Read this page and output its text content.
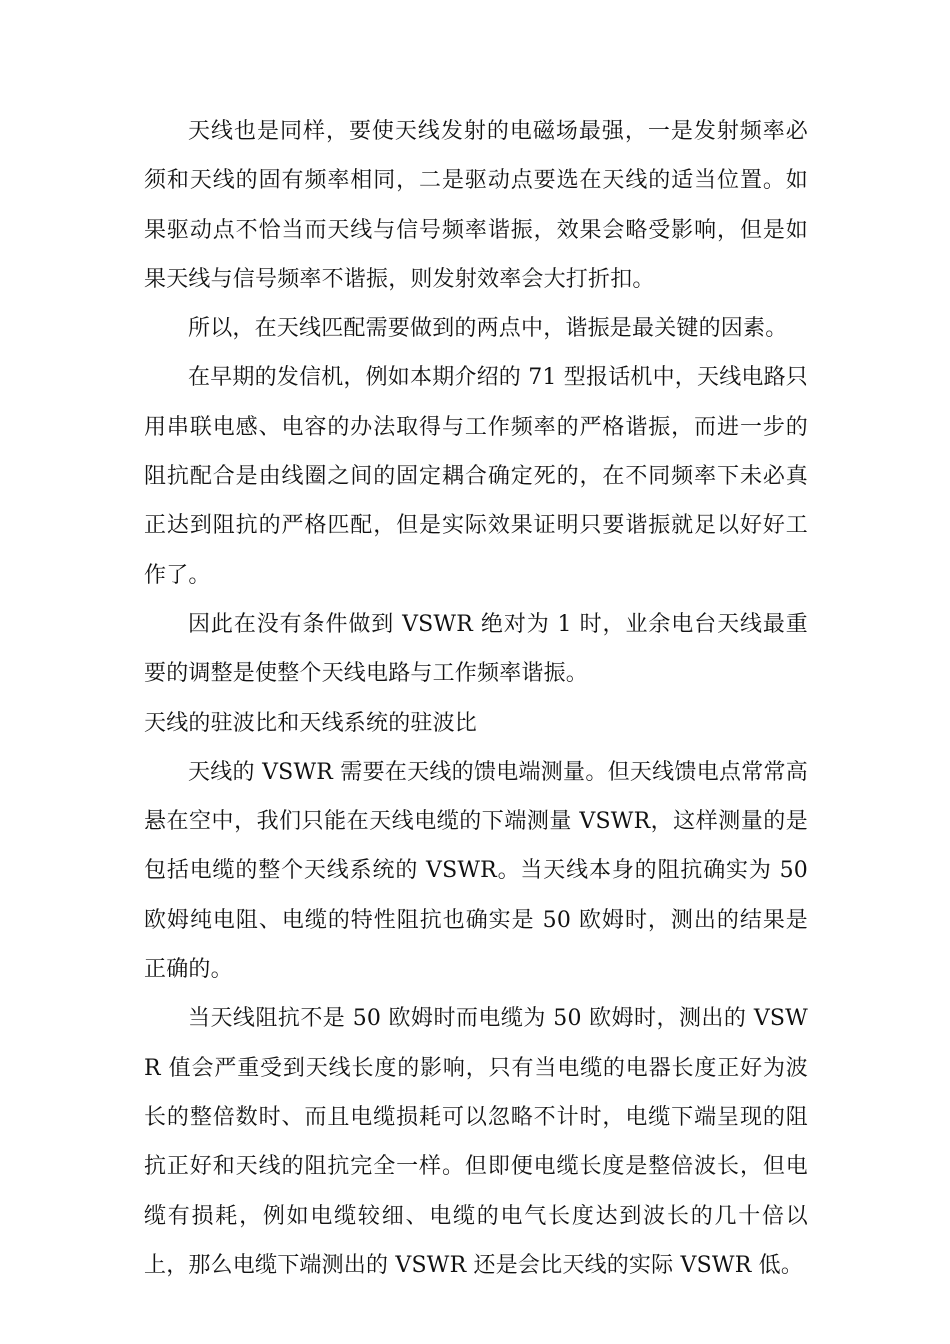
天线也是同样，要使天线发射的电磁场最强，一是发射频率必须和天线的固有频率相同，二是驱动点要选在天线的适当位置。如果驱动点不恰当而天线与信号频率谐振，效果会略受影响，但是如果天线与信号频率不谐振，则发射效率会大打折扣。

所以，在天线匹配需要做到的两点中，谐振是最关键的因素。

在早期的发信机，例如本期介绍的 71 型报话机中，天线电路只用串联电感、电容的办法取得与工作频率的严格谐振，而进一步的阻抗配合是由线圈之间的固定耦合确定死的，在不同频率下未必真正达到阻抗的严格匹配，但是实际效果证明只要谐振就足以好好工作了。

因此在没有条件做到 VSWR 绝对为 1 时，业余电台天线最重要的调整是使整个天线电路与工作频率谐振。

天线的驻波比和天线系统的驻波比

天线的 VSWR 需要在天线的馈电端测量。但天线馈电点常常高悬在空中，我们只能在天线电缆的下端测量 VSWR，这样测量的是包括电缆的整个天线系统的 VSWR。当天线本身的阻抗确实为 50 欧姆纯电阻、电缆的特性阻抗也确实是 50 欧姆时，测出的结果是正确的。

当天线阻抗不是 50 欧姆时而电缆为 50 欧姆时，测出的 VSWR 值会严重受到天线长度的影响，只有当电缆的电器长度正好为波长的整倍数时、而且电缆损耗可以忽略不计时，电缆下端呈现的阻抗正好和天线的阻抗完全一样。但即便电缆长度是整倍波长，但电缆有损耗，例如电缆较细、电缆的电气长度达到波长的几十倍以上，那么电缆下端测出的 VSWR 还是会比天线的实际 VSWR 低。
